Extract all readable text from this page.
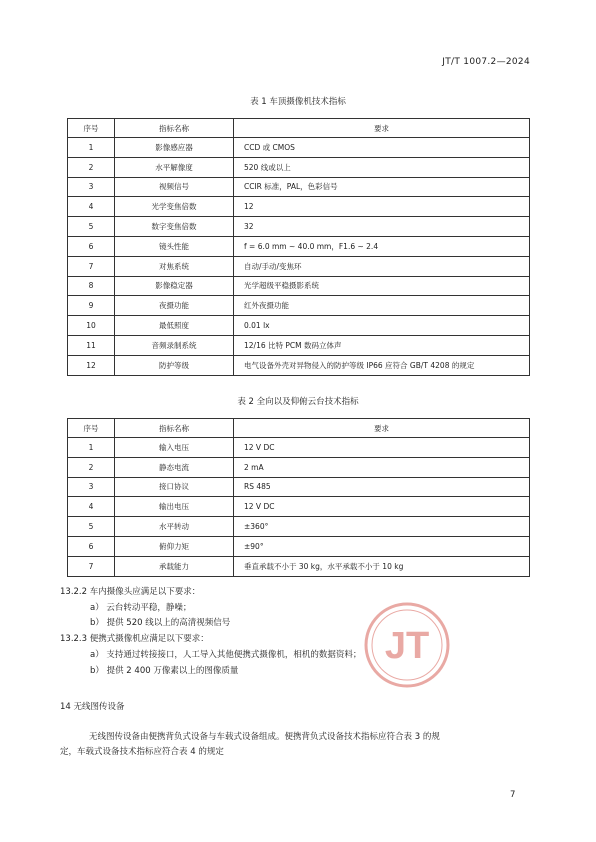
JT/T 1007.2—2024
表 1 车顶摄像机技术指标
序号	指标名称	要求
1	影像感应器	CCD 或 CMOS
2	水平解像度	520 线或以上
3	视频信号	CCIR 标准，PAL，色彩信号
4	光学变焦倍数	12
5	数字变焦倍数	32
6	镜头性能	f = 6.0 mm ~ 40.0 mm，F1.6 ~ 2.4
7	对焦系统	自动/手动/变焦环
8	影像稳定器	光学超级平稳摄影系统
9	夜摄功能	红外夜摄功能
10	最低照度	0.01 lx
11	音频录制系统	12/16 比特 PCM 数码立体声
12	防护等级	电气设备外壳对异物侵入的防护等级 IP66 应符合 GB/T 4208 的规定
表 2 全向以及仰俯云台技术指标
序号	指标名称	要求
1	输入电压	12 V DC
2	静态电流	2 mA
3	接口协议	RS 485
4	输出电压	12 V DC
5	水平转动	±360°
6	俯仰力矩	±90°
7	承载能力	垂直承载不小于 30 kg，水平承载不小于 10 kg
13.2.2 车内摄像头应满足以下要求：
a） 云台转动平稳，静噪；
b） 提供 520 线以上的高清视频信号
13.2.3 便携式摄像机应满足以下要求：
a） 支持通过转接接口，人工导入其他便携式摄像机，相机的数据资料；
b） 提供 2 400 万像素以上的图像质量
14 无线图传设备
无线图传设备由便携背负式设备与车载式设备组成。便携背负式设备技术指标应符合表 3 的规
定，车载式设备技术指标应符合表 4 的规定
JT
7
